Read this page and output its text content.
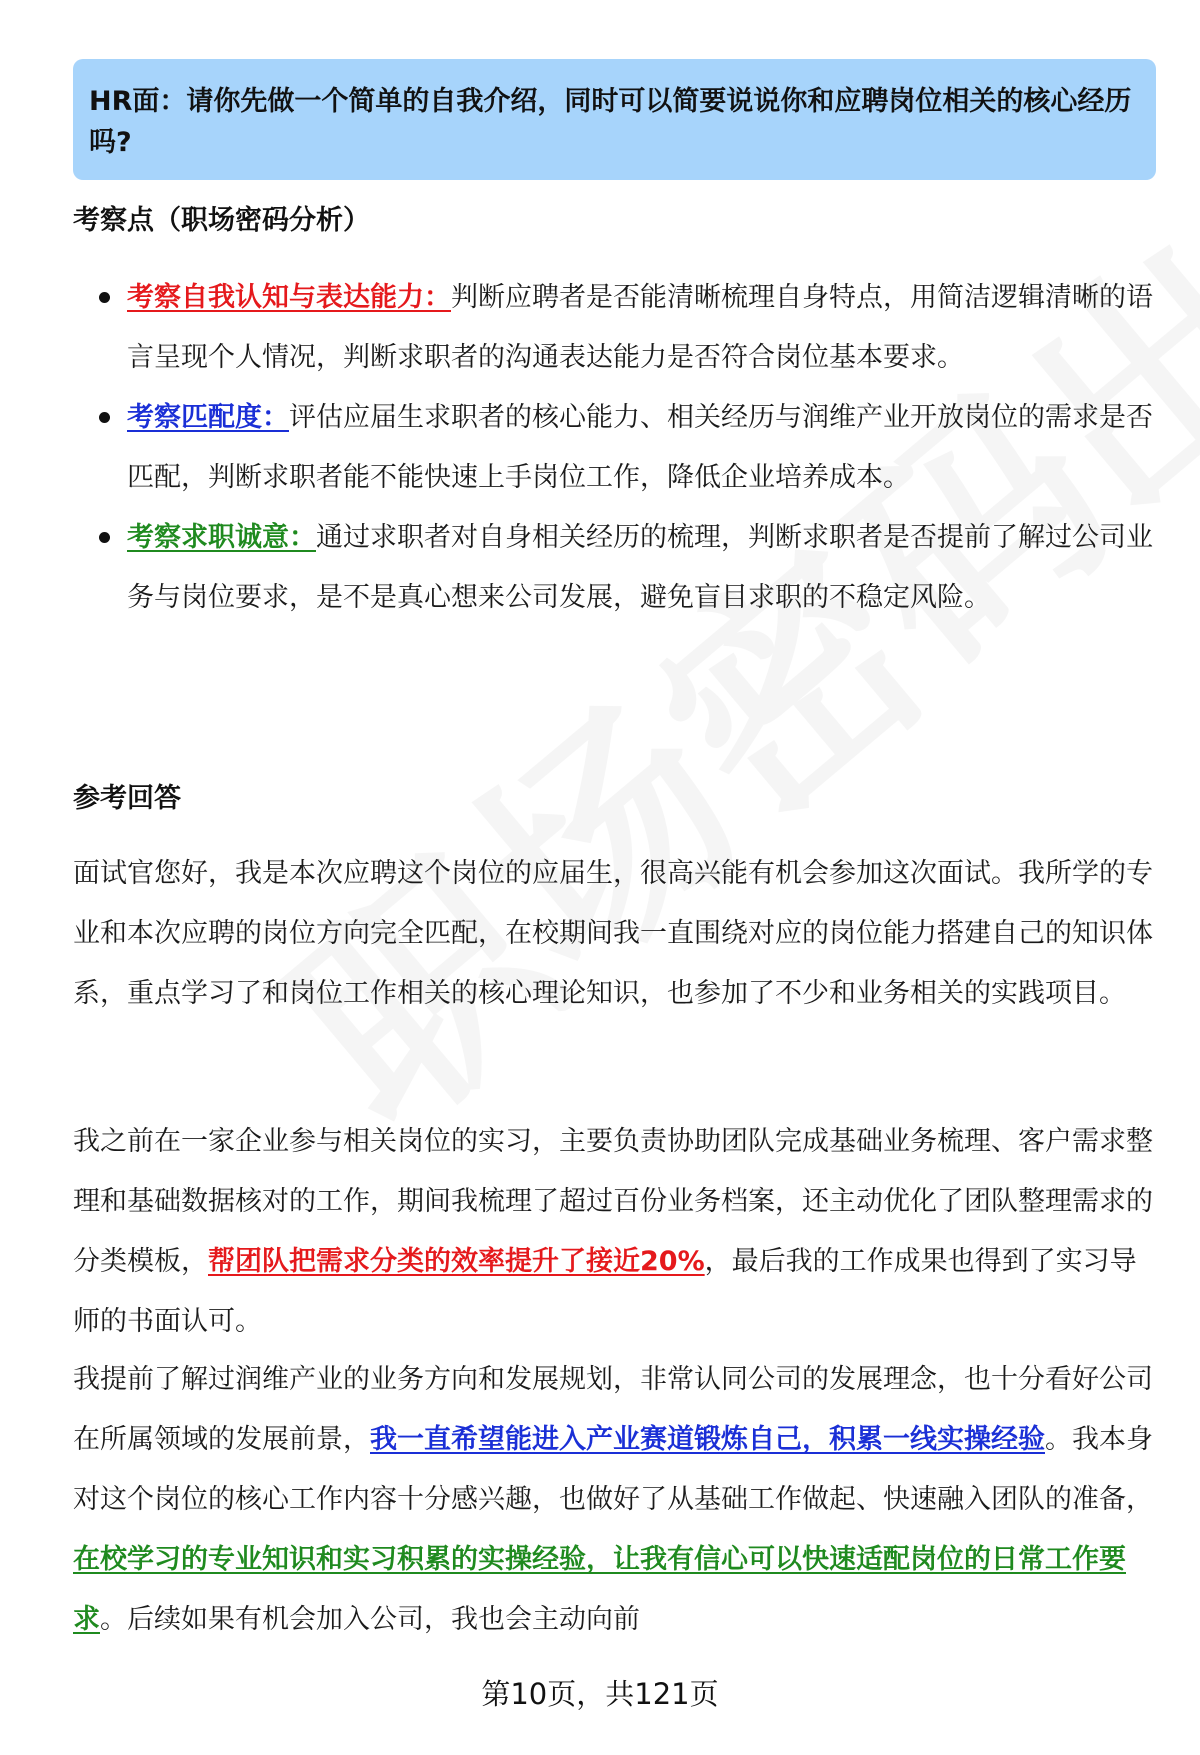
HR面：请你先做一个简单的自我介绍，同时可以简要说说你和应聘岗位相关的核心经历吗?

考察点（职场密码分析）
考察自我认知与表达能力：判断应聘者是否能清晰梳理自身特点，用简洁逻辑清晰的语言呈现个人情况，判断求职者的沟通表达能力是否符合岗位基本要求。
考察匹配度：评估应届生求职者的核心能力、相关经历与润维产业开放岗位的需求是否匹配，判断求职者能不能快速上手岗位工作，降低企业培养成本。
考察求职诚意：通过求职者对自身相关经历的梳理，判断求职者是否提前了解过公司业务与岗位要求，是不是真心想来公司发展，避免盲目求职的不稳定风险。
参考回答

面试官您好，我是本次应聘这个岗位的应届生，很高兴能有机会参加这次面试。我所学的专业和本次应聘的岗位方向完全匹配，在校期间我一直围绕对应的岗位能力搭建自己的知识体系，重点学习了和岗位工作相关的核心理论知识，也参加了不少和业务相关的实践项目。

我之前在一家企业参与相关岗位的实习，主要负责协助团队完成基础业务梳理、客户需求整理和基础数据核对的工作，期间我梳理了超过百份业务档案，还主动优化了团队整理需求的分类模板，帮团队把需求分类的效率提升了接近20%，最后我的工作成果也得到了实习导师的书面认可。

我提前了解过润维产业的业务方向和发展规划，非常认同公司的发展理念，也十分看好公司在所属领域的发展前景，我一直希望能进入产业赛道锻炼自己，积累一线实操经验。我本身对这个岗位的核心工作内容十分感兴趣，也做好了从基础工作做起、快速融入团队的准备，在校学习的专业知识和实习积累的实操经验，让我有信心可以快速适配岗位的日常工作要求。后续如果有机会加入公司，我也会主动向前

第10页，共121页
